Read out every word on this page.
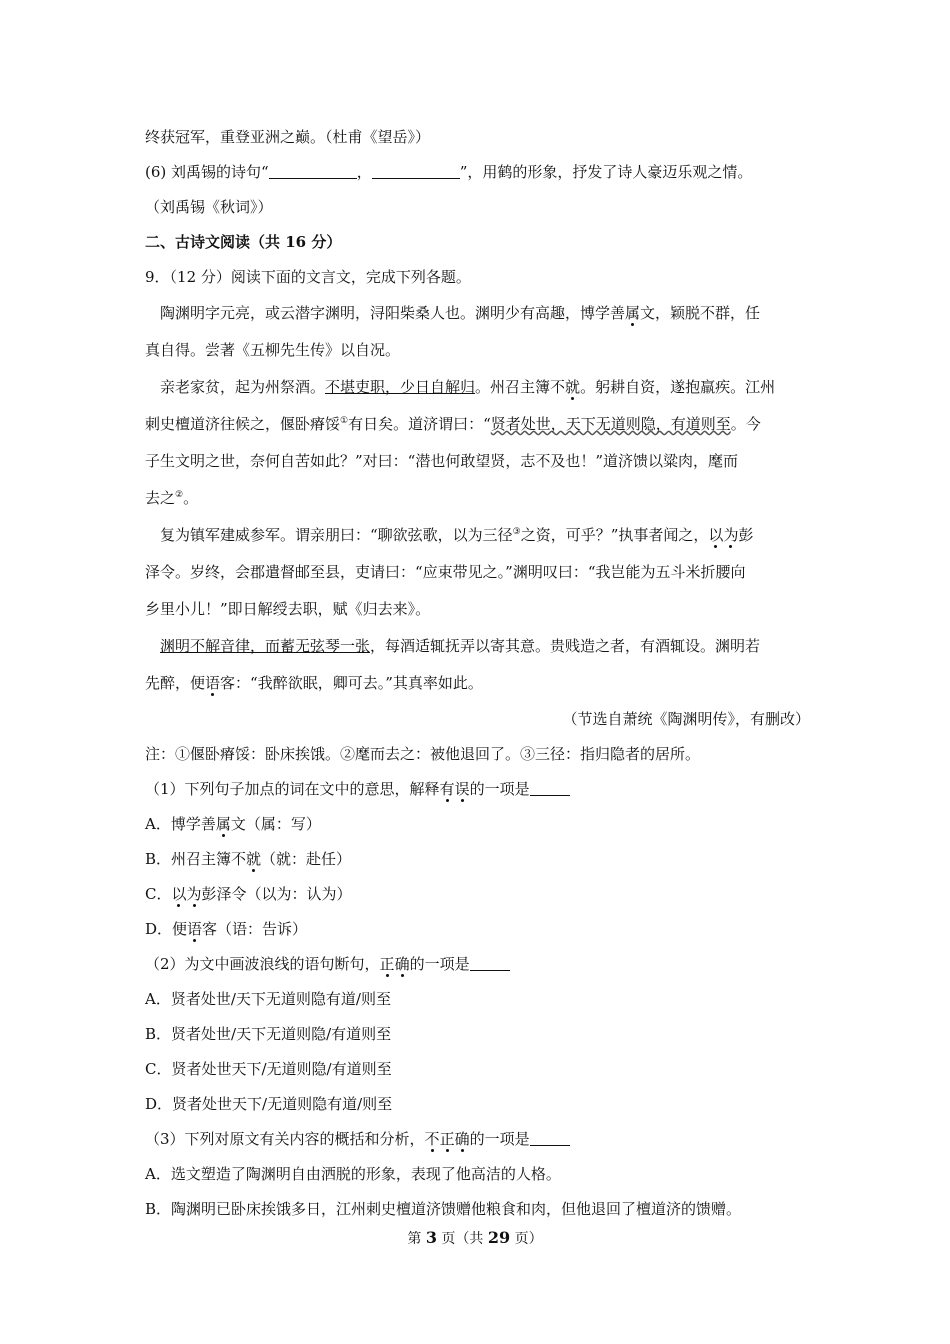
终获冠军，重登亚洲之巅。（杜甫《望岳》）
(6) 刘禹锡的诗句“	，	”，用鹤的形象，抒发了诗人豪迈乐观之情。
（刘禹锡《秋词》）
二、古诗文阅读（共 16 分）
9．（12 分）阅读下面的文言文，完成下列各题。
陶渊明字元亮，或云潜字渊明，浔阳柴桑人也。渊明少有高趣，博学善属文，颖脱不群，任
真自得。尝著《五柳先生传》以自况。
亲老家贫，起为州祭酒。不堪吏职，少日自解归。州召主簿不就。躬耕自资，遂抱羸疾。江州
刺史檀道济往候之，偃卧瘠馁①有日矣。道济谓曰：“贤者处世，天下无道则隐，有道则至。今
子生文明之世，奈何自苦如此？”对曰：“潜也何敢望贤，志不及也！”道济馈以粱肉，麾而
去之②。
复为镇军建威参军。谓亲朋曰：“聊欲弦歌，以为三径③之资，可乎？”执事者闻之，以为彭
泽令。岁终，会郡遣督邮至县，吏请曰：“应束带见之。”渊明叹曰：“我岂能为五斗米折腰向
乡里小儿！”即日解绶去职，赋《归去来》。
渊明不解音律，而蓄无弦琴一张，每酒适辄抚弄以寄其意。贵贱造之者，有酒辄设。渊明若
先醉，便语客：“我醉欲眠，卿可去。”其真率如此。
（节选自萧统《陶渊明传》，有删改）
注：①偃卧瘠馁：卧床挨饿。②麾而去之：被他退回了。③三径：指归隐者的居所。
（1）下列句子加点的词在文中的意思，解释有误的一项是
A．博学善属文（属：写）
B．州召主簿不就（就：赴任）
C．以为彭泽令（以为：认为）
D．便语客（语：告诉）
（2）为文中画波浪线的语句断句，正确的一项是
A．贤者处世/天下无道则隐有道/则至
B．贤者处世/天下无道则隐/有道则至
C．贤者处世天下/无道则隐/有道则至
D．贤者处世天下/无道则隐有道/则至
（3）下列对原文有关内容的概括和分析，不正确的一项是
A．选文塑造了陶渊明自由洒脱的形象，表现了他高洁的人格。
B．陶渊明已卧床挨饿多日，江州刺史檀道济馈赠他粮食和肉，但他退回了檀道济的馈赠。
第 3 页（共 29 页）
